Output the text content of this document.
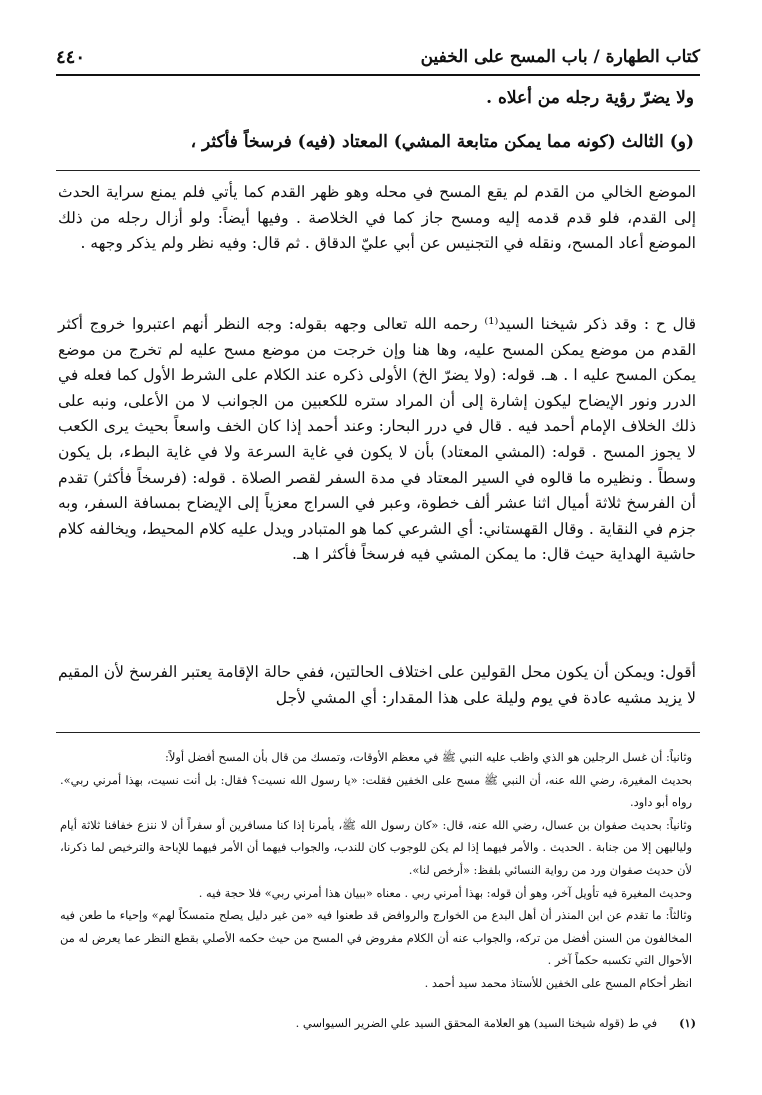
كتاب الطهارة / باب المسح على الخفين
٤٤٠
ولا يضرّ رؤية رجله من أعلاه .
(و) الثالث (كونه مما يمكن متابعة المشي) المعتاد (فيه) فرسخاً فأكثر ،

الموضع الخالي من القدم لم يقع المسح في محله وهو ظهر القدم كما يأتي فلم يمنع سراية الحدث إلى القدم، فلو قدم قدمه إليه ومسح جاز كما في الخلاصة . وفيها أيضاً: ولو أزال رجله من ذلك الموضع أعاد المسح، ونقله في التجنيس عن أبي عليّ الدقاق . ثم قال: وفيه نظر ولم يذكر وجهه .

قال ح : وقد ذكر شيخنا السيد⁽¹⁾ رحمه الله تعالى وجهه بقوله: وجه النظر أنهم اعتبروا خروج أكثر القدم من موضع يمكن المسح عليه، وها هنا وإن خرجت من موضع مسح عليه لم تخرج من موضع يمكن المسح عليه ا . هـ. قوله: (ولا يضرّ الخ) الأولى ذكره عند الكلام على الشرط الأول كما فعله في الدرر ونور الإيضاح ليكون إشارة إلى أن المراد ستره للكعبين من الجوانب لا من الأعلى، ونبه على ذلك الخلاف الإمام أحمد فيه . قال في درر البحار: وعند أحمد إذا كان الخف واسعاً بحيث يرى الكعب لا يجوز المسح . قوله: (المشي المعتاد) بأن لا يكون في غاية السرعة ولا في غاية البطء، بل يكون وسطاً . ونظيره ما قالوه في السير المعتاد في مدة السفر لقصر الصلاة . قوله: (فرسخاً فأكثر) تقدم أن الفرسخ ثلاثة أميال اثنا عشر ألف خطوة، وعبر في السراج معزياً إلى الإيضاح بمسافة السفر، وبه جزم في النقاية . وقال القهستاني: أي الشرعي كما هو المتبادر ويدل عليه كلام المحيط، ويخالفه كلام حاشية الهداية حيث قال: ما يمكن المشي فيه فرسخاً فأكثر ا هـ.

أقول: ويمكن أن يكون محل القولين على اختلاف الحالتين، ففي حالة الإقامة يعتبر الفرسخ لأن المقيم لا يزيد مشيه عادة في يوم وليلة على هذا المقدار: أي المشي لأجل

وثانياً: أن غسل الرجلين هو الذي واظب عليه النبي ﷺ في معظم الأوقات، وتمسك من قال بأن المسح أفضل أولاً:

بحديث المغيرة، رضي الله عنه، أن النبي ﷺ مسح على الخفين فقلت: «يا رسول الله نسيت؟ فقال: بل أنت نسيت، بهذا أمرني ربي». رواه أبو داود.

وثانياً: بحديث صفوان بن عسال، رضي الله عنه، قال: «كان رسول الله ﷺ، يأمرنا إذا كنا مسافرين أو سفراً أن لا ننزع خفافنا ثلاثة أيام ولياليهن إلا من جنابة . الحديث . والأمر فيهما إذا لم يكن للوجوب كان للندب، والجواب فيهما أن الأمر فيهما للإباحة والترخيص لما ذكرنا، لأن حديث صفوان ورد من رواية النسائي بلفظ: «أرخص لنا».

وحديث المغيرة فيه تأويل آخر، وهو أن قوله: بهذا أمرني ربي . معناه «ببيان هذا أمرني ربي» فلا حجة فيه .

وثالثاً: ما تقدم عن ابن المنذر أن أهل البدع من الخوارج والروافض قد طعنوا فيه «من غير دليل يصلح متمسكاً لهم» وإحياء ما طعن فيه المخالفون من السنن أفضل من تركه، والجواب عنه أن الكلام مفروض في المسح من حيث حكمه الأصلي بقطع النظر عما يعرض له من الأحوال التي تكسبه حكماً آخر .

انظر أحكام المسح على الخفين للأستاذ محمد سيد أحمد .

(١)
في ط (قوله شيخنا السيد) هو العلامة المحقق السيد علي الضرير السيواسي .
